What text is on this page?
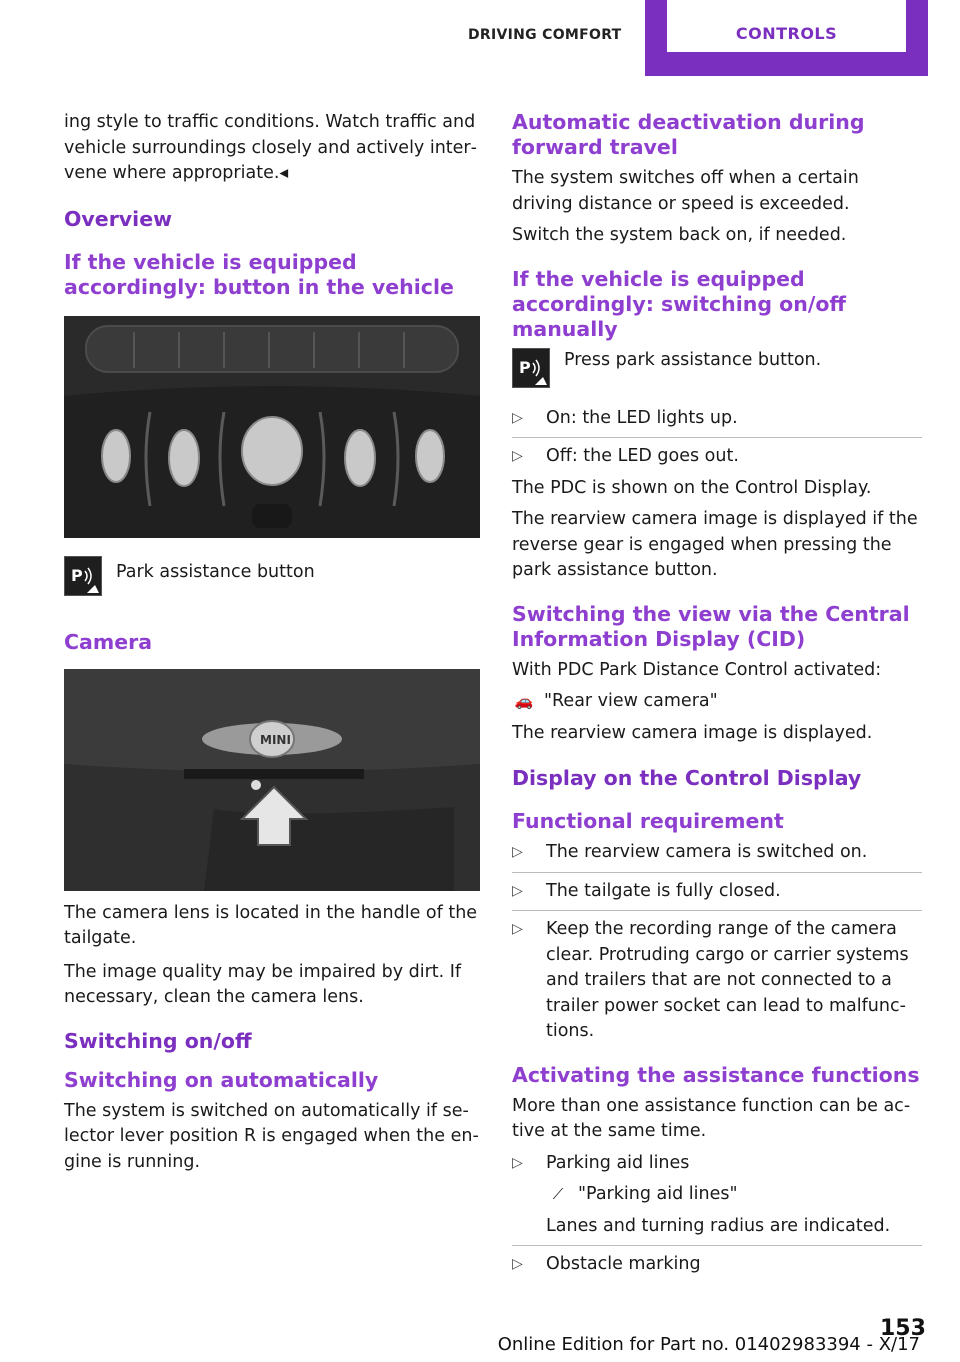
DRIVING COMFORT	CONTROLS

ing style to traffic conditions. Watch traffic and vehicle surroundings closely and actively intervene where appropriate.◂

Overview
If the vehicle is equipped accordingly: button in the vehicle
P Park assistance button
Camera
MINI

The camera lens is located in the handle of the tailgate.

The image quality may be impaired by dirt. If necessary, clean the camera lens.

Switching on/off
Switching on automatically

The system is switched on automatically if selector lever position R is engaged when the engine is running.

Automatic deactivation during forward travel

The system switches off when a certain driving distance or speed is exceeded.

Switch the system back on, if needed.

If the vehicle is equipped accordingly: switching on/off manually
P Press park assistance button.
▷ On: the LED lights up.
▷ Off: the LED goes out.

The PDC is shown on the Control Display.

The rearview camera image is displayed if the reverse gear is engaged when pressing the park assistance button.

Switching the view via the Central Information Display (CID)

With PDC Park Distance Control activated:

🚗 "Rear view camera"

The rearview camera image is displayed.

Display on the Control Display
Functional requirement
▷ The rearview camera is switched on.
▷ The tailgate is fully closed.
▷ Keep the recording range of the camera clear. Protruding cargo or carrier systems and trailers that are not connected to a trailer power socket can lead to malfunctions.
Activating the assistance functions

More than one assistance function can be active at the same time.

▷ Parking aid lines
⟋ "Parking aid lines"
Lanes and turning radius are indicated.
▷ Obstacle marking
153
Online Edition for Part no. 01402983394 - X/17
